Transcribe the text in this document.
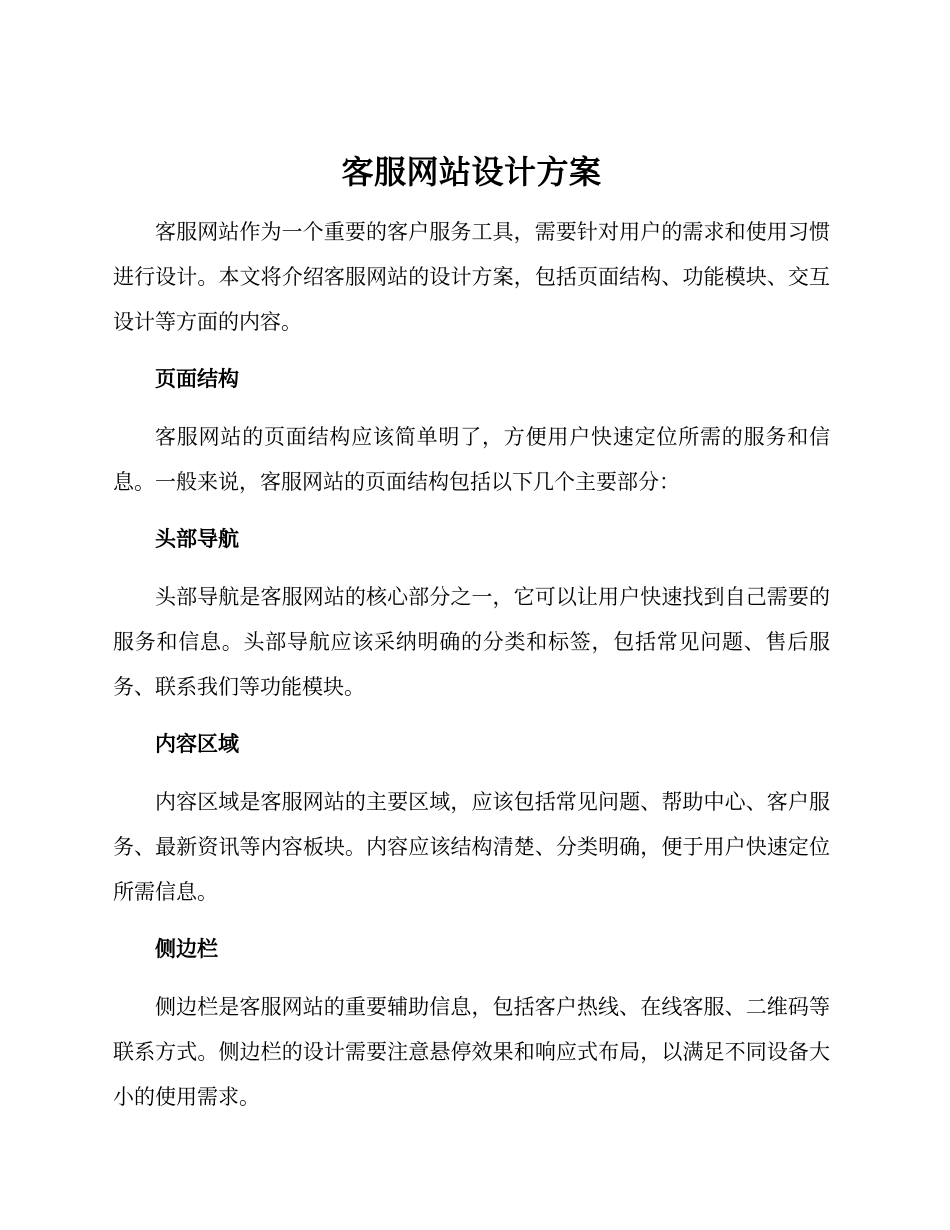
客服网站设计方案

客服网站作为一个重要的客户服务工具，需要针对用户的需求和使用习惯进行设计。本文将介绍客服网站的设计方案，包括页面结构、功能模块、交互设计等方面的内容。

页面结构

客服网站的页面结构应该简单明了，方便用户快速定位所需的服务和信息。一般来说，客服网站的页面结构包括以下几个主要部分：

头部导航

头部导航是客服网站的核心部分之一，它可以让用户快速找到自己需要的服务和信息。头部导航应该采纳明确的分类和标签，包括常见问题、售后服务、联系我们等功能模块。

内容区域

内容区域是客服网站的主要区域，应该包括常见问题、帮助中心、客户服务、最新资讯等内容板块。内容应该结构清楚、分类明确，便于用户快速定位所需信息。

侧边栏

侧边栏是客服网站的重要辅助信息，包括客户热线、在线客服、二维码等联系方式。侧边栏的设计需要注意悬停效果和响应式布局，以满足不同设备大小的使用需求。
